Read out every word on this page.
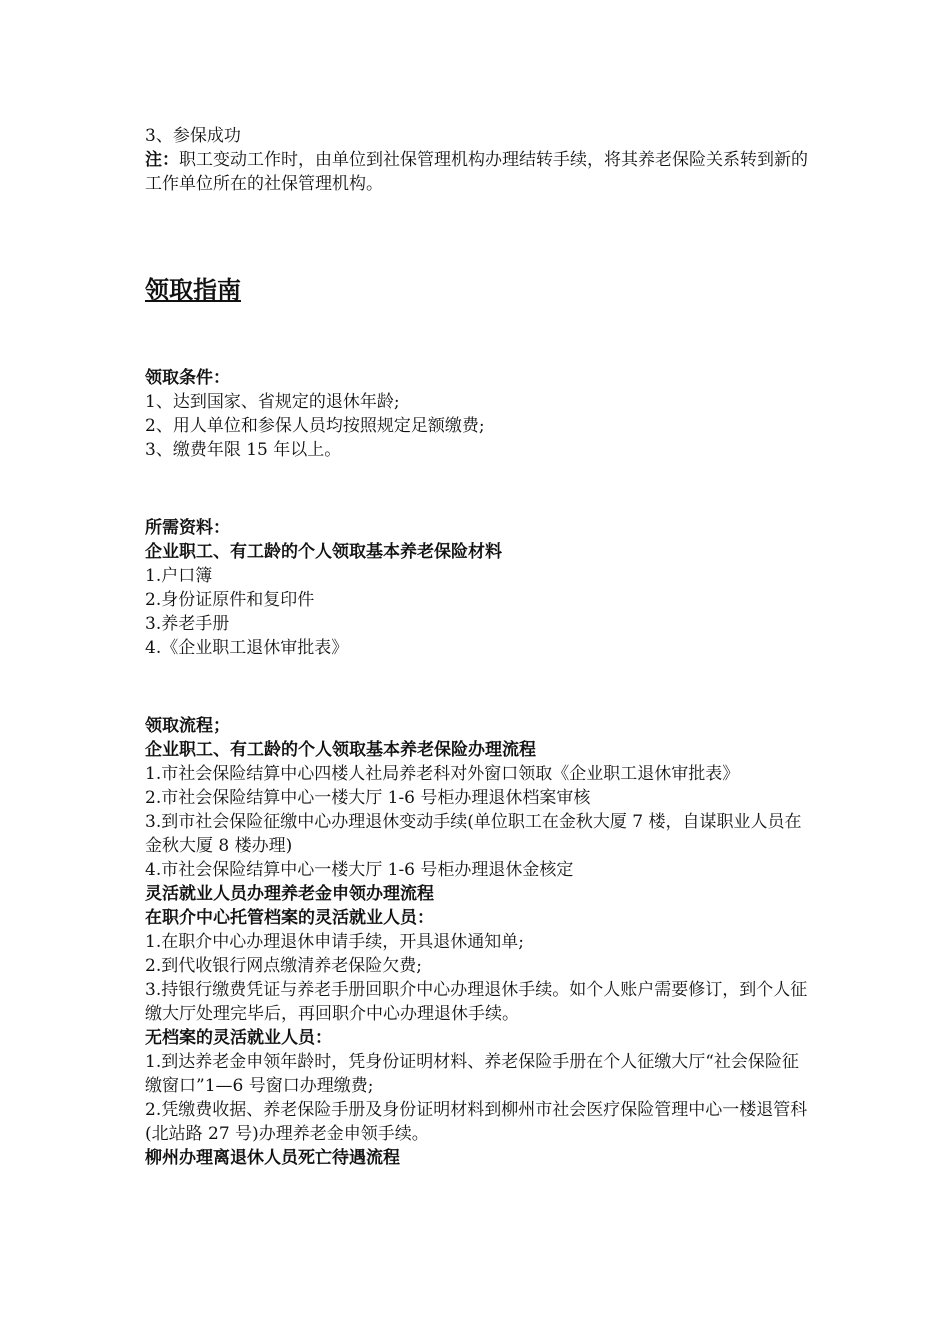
3、参保成功

注：职工变动工作时，由单位到社保管理机构办理结转手续，将其养老保险关系转到新的工作单位所在的社保管理机构。

领取指南

领取条件：

1、达到国家、省规定的退休年龄;

2、用人单位和参保人员均按照规定足额缴费;

3、缴费年限 15 年以上。

所需资料：

企业职工、有工龄的个人领取基本养老保险材料

1.户口簿

2.身份证原件和复印件

3.养老手册

4.《企业职工退休审批表》

领取流程；

企业职工、有工龄的个人领取基本养老保险办理流程

1.市社会保险结算中心四楼人社局养老科对外窗口领取《企业职工退休审批表》

2.市社会保险结算中心一楼大厅 1-6 号柜办理退休档案审核

3.到市社会保险征缴中心办理退休变动手续(单位职工在金秋大厦 7 楼，自谋职业人员在金秋大厦 8 楼办理)

4.市社会保险结算中心一楼大厅 1-6 号柜办理退休金核定

灵活就业人员办理养老金申领办理流程

在职介中心托管档案的灵活就业人员：

1.在职介中心办理退休申请手续，开具退休通知单;

2.到代收银行网点缴清养老保险欠费;

3.持银行缴费凭证与养老手册回职介中心办理退休手续。如个人账户需要修订，到个人征缴大厅处理完毕后，再回职介中心办理退休手续。

无档案的灵活就业人员：

1.到达养老金申领年龄时，凭身份证明材料、养老保险手册在个人征缴大厅“社会保险征缴窗口”1—6 号窗口办理缴费;

2.凭缴费收据、养老保险手册及身份证明材料到柳州市社会医疗保险管理中心一楼退管科(北站路 27 号)办理养老金申领手续。

柳州办理离退休人员死亡待遇流程
